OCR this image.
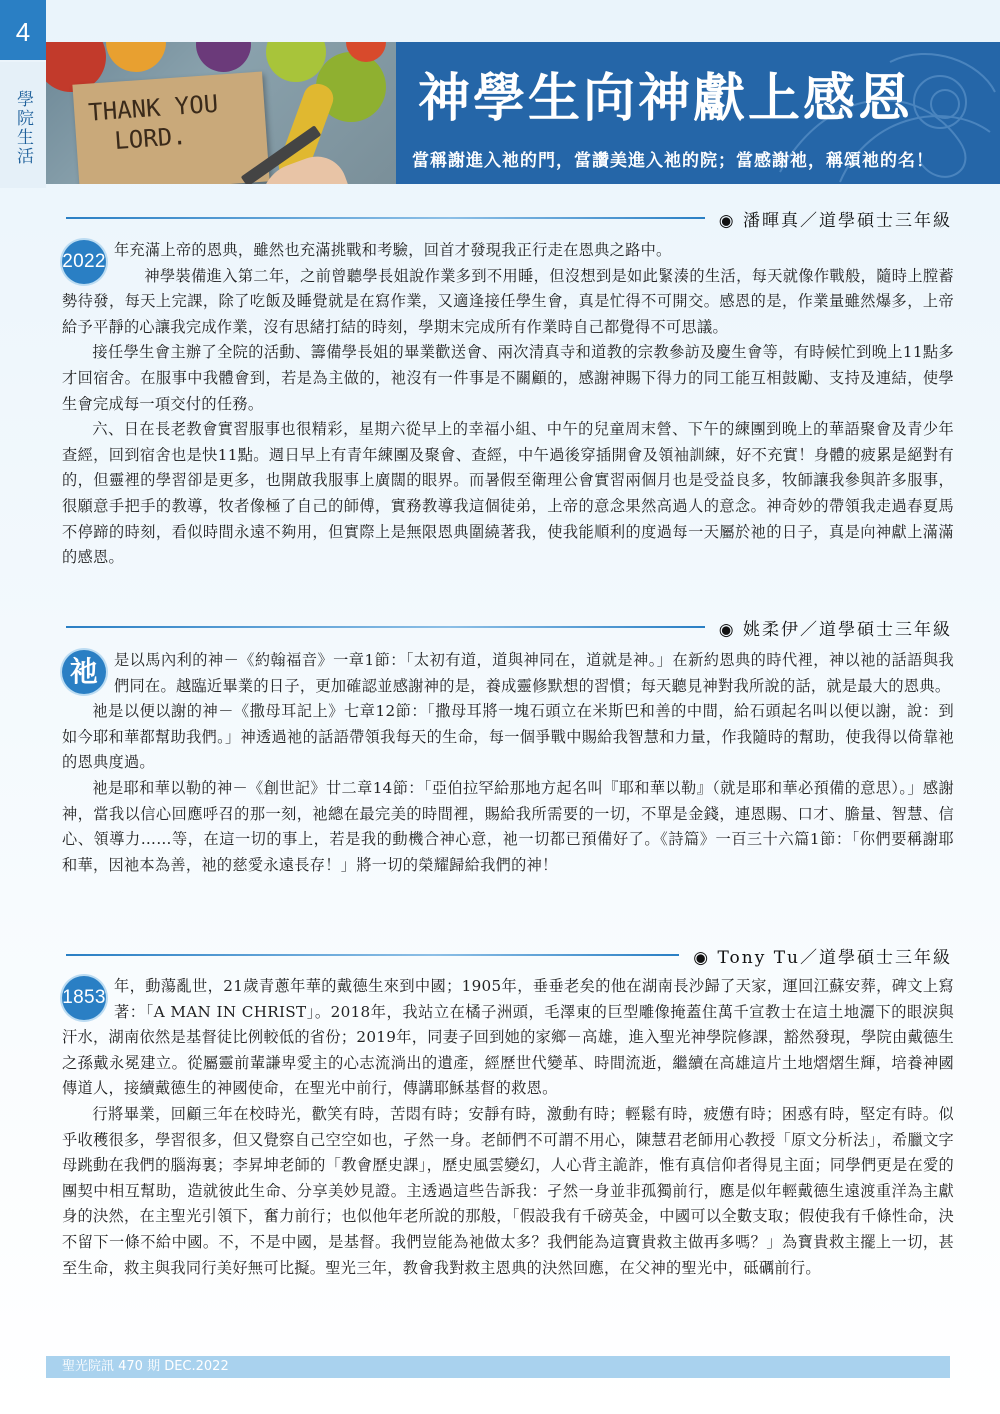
4
學院生活	THANK YOU
LORD.
神學生向神獻上感恩
當稱謝進入祂的門，當讚美進入祂的院；當感謝祂，稱頌祂的名！
◉ 潘暉真／道學碩士三年級
2022

年充滿上帝的恩典，雖然也充滿挑戰和考驗，回首才發現我正行走在恩典之路中。

神學裝備進入第二年，之前曾聽學長姐說作業多到不用睡，但沒想到是如此緊湊的生活，每天就像作戰般，隨時上膛蓄勢待發，每天上完課，除了吃飯及睡覺就是在寫作業，又適逢接任學生會，真是忙得不可開交。感恩的是，作業量雖然爆多，上帝給予平靜的心讓我完成作業，沒有思緒打結的時刻，學期末完成所有作業時自己都覺得不可思議。

接任學生會主辦了全院的活動、籌備學長姐的畢業歡送會、兩次清真寺和道教的宗教參訪及慶生會等，有時候忙到晚上11點多才回宿舍。在服事中我體會到，若是為主做的，祂沒有一件事是不關顧的，感謝神賜下得力的同工能互相鼓勵、支持及連結，使學生會完成每一項交付的任務。

六、日在長老教會實習服事也很精彩，星期六從早上的幸福小組、中午的兒童周末營、下午的練團到晚上的華語聚會及青少年查經，回到宿舍也是快11點。週日早上有青年練團及聚會、查經，中午過後穿插開會及領袖訓練，好不充實！身體的疲累是絕對有的，但靈裡的學習卻是更多，也開啟我服事上廣闊的眼界。而暑假至衛理公會實習兩個月也是受益良多，牧師讓我參與許多服事，很願意手把手的教導，牧者像極了自己的師傅，實務教導我這個徒弟，上帝的意念果然高過人的意念。神奇妙的帶領我走過春夏馬不停蹄的時刻，看似時間永遠不夠用，但實際上是無限恩典圍繞著我，使我能順利的度過每一天屬於祂的日子，真是向神獻上滿滿的感恩。

◉ 姚柔伊／道學碩士三年級
祂	是以馬內利的神－《約翰福音》一章1節：「太初有道，道與神同在，道就是神。」在新約恩典的時代裡，神以祂的話語與我們同在。越臨近畢業的日子，更加確認並感謝神的是，養成靈修默想的習慣；每天聽見神對我所說的話，就是最大的恩典。

祂是以便以謝的神－《撒母耳記上》七章12節：「撒母耳將一塊石頭立在米斯巴和善的中間，給石頭起名叫以便以謝，說：到如今耶和華都幫助我們。」神透過祂的話語帶領我每天的生命，每一個爭戰中賜給我智慧和力量，作我隨時的幫助，使我得以倚靠祂的恩典度過。

祂是耶和華以勒的神－《創世記》廿二章14節：「亞伯拉罕給那地方起名叫『耶和華以勒』（就是耶和華必預備的意思）。」感謝神，當我以信心回應呼召的那一刻，祂總在最完美的時間裡，賜給我所需要的一切，不單是金錢，連恩賜、口才、膽量、智慧、信心、領導力……等，在這一切的事上，若是我的動機合神心意，祂一切都已預備好了。《詩篇》一百三十六篇1節：「你們要稱謝耶和華，因祂本為善，祂的慈愛永遠長存！」將一切的榮耀歸給我們的神！

◉ Tony Tu／道學碩士三年級
1853

年，動蕩亂世，21歲青蔥年華的戴德生來到中國；1905年，垂垂老矣的他在湖南長沙歸了天家，運回江蘇安葬，碑文上寫著：「A MAN IN CHRIST」。2018年，我站立在橘子洲頭，毛澤東的巨型雕像掩蓋住萬千宣教士在這土地灑下的眼淚與汗水，湖南依然是基督徒比例較低的省份；2019年，同妻子回到她的家鄉－高雄，進入聖光神學院修課，豁然發現，學院由戴德生之孫戴永冕建立。從屬靈前輩謙卑愛主的心志流淌出的遺產，經歷世代變革、時間流逝，繼續在高雄這片土地熠熠生輝，培養神國傳道人，接續戴德生的神國使命，在聖光中前行，傳講耶穌基督的救恩。

行將畢業，回顧三年在校時光，歡笑有時，苦悶有時；安靜有時，激動有時；輕鬆有時，疲憊有時；困惑有時，堅定有時。似乎收穫很多，學習很多，但又覺察自己空空如也，孑然一身。老師們不可謂不用心，陳慧君老師用心教授「原文分析法」，希臘文字母跳動在我們的腦海裏；李昇坤老師的「教會歷史課」，歷史風雲變幻，人心背主詭詐，惟有真信仰者得見主面；同學們更是在愛的團契中相互幫助，造就彼此生命、分享美妙見證。主透過這些告訴我：孑然一身並非孤獨前行，應是似年輕戴德生遠渡重洋為主獻身的決然，在主聖光引領下，奮力前行；也似他年老所說的那般，「假設我有千磅英金，中國可以全數支取；假使我有千條性命，決不留下一條不給中國。不，不是中國，是基督。我們豈能為祂做太多？我們能為這寶貴救主做再多嗎？」為寶貴救主擺上一切，甚至生命，救主與我同行美好無可比擬。聖光三年，教會我對救主恩典的決然回應，在父神的聖光中，砥礪前行。

聖光院訊 470 期 DEC.2022
